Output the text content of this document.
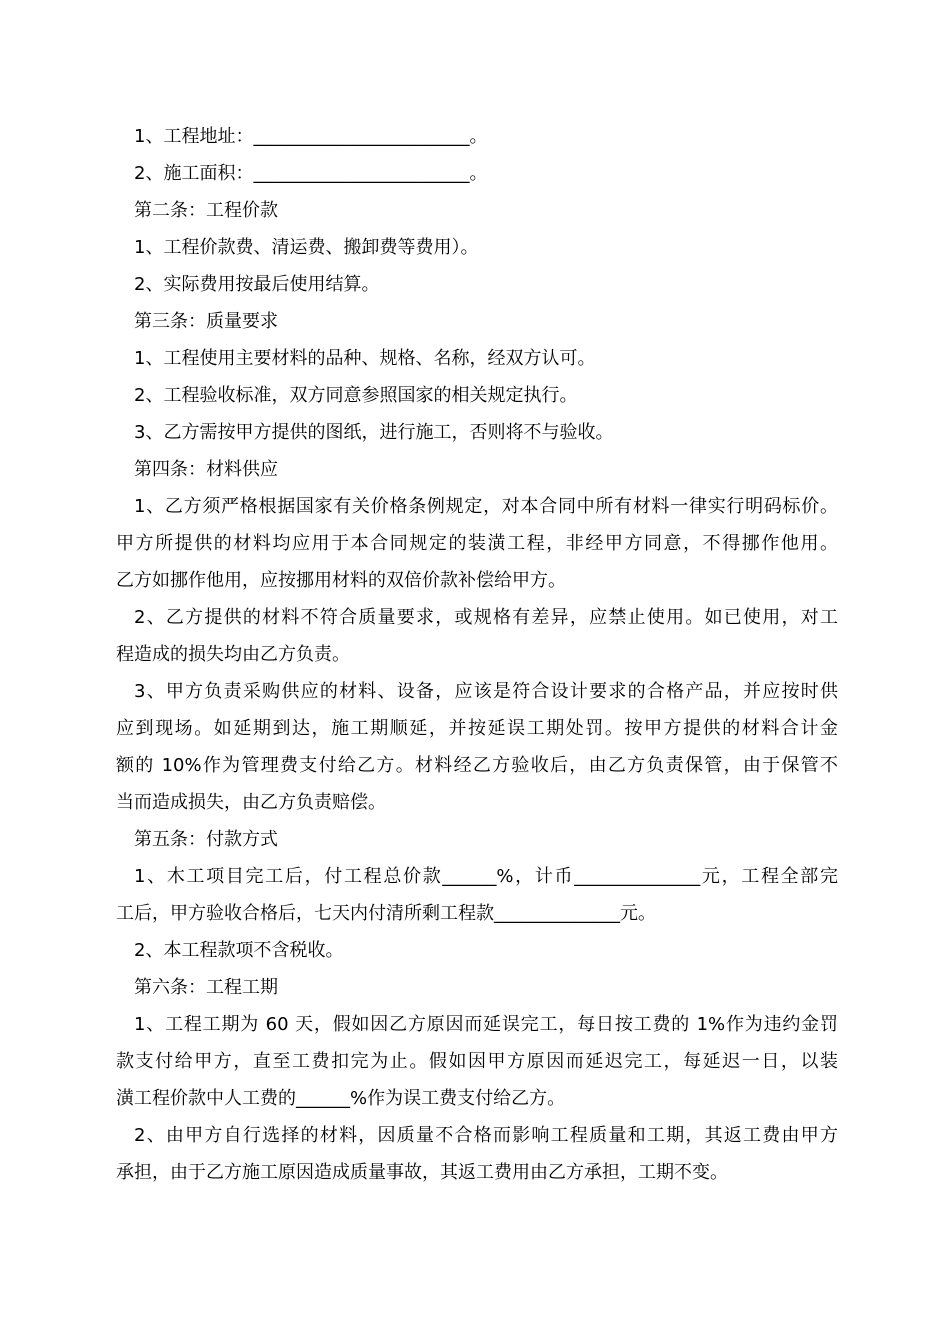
1、工程地址：________________________。
2、施工面积：________________________。
第二条：工程价款
1、工程价款费、清运费、搬卸费等费用）。
2、实际费用按最后使用结算。
第三条：质量要求
1、工程使用主要材料的品种、规格、名称，经双方认可。
2、工程验收标准，双方同意参照国家的相关规定执行。
3、乙方需按甲方提供的图纸，进行施工，否则将不与验收。
第四条：材料供应
1、乙方须严格根据国家有关价格条例规定，对本合同中所有材料一律实行明码标价。
甲方所提供的材料均应用于本合同规定的装潢工程，非经甲方同意，不得挪作他用。
乙方如挪作他用，应按挪用材料的双倍价款补偿给甲方。
2、乙方提供的材料不符合质量要求，或规格有差异，应禁止使用。如已使用，对工
程造成的损失均由乙方负责。
3、甲方负责采购供应的材料、设备，应该是符合设计要求的合格产品，并应按时供
应到现场。如延期到达，施工期顺延，并按延误工期处罚。按甲方提供的材料合计金
额的 10%作为管理费支付给乙方。材料经乙方验收后，由乙方负责保管，由于保管不
当而造成损失，由乙方负责赔偿。
第五条：付款方式
1、木工项目完工后，付工程总价款______%，计币______________元，工程全部完
工后，甲方验收合格后，七天内付清所剩工程款______________元。
2、本工程款项不含税收。
第六条：工程工期
1、工程工期为 60 天，假如因乙方原因而延误完工，每日按工费的 1%作为违约金罚
款支付给甲方，直至工费扣完为止。假如因甲方原因而延迟完工，每延迟一日，以装
潢工程价款中人工费的______%作为误工费支付给乙方。
2、由甲方自行选择的材料，因质量不合格而影响工程质量和工期，其返工费由甲方
承担，由于乙方施工原因造成质量事故，其返工费用由乙方承担，工期不变。
